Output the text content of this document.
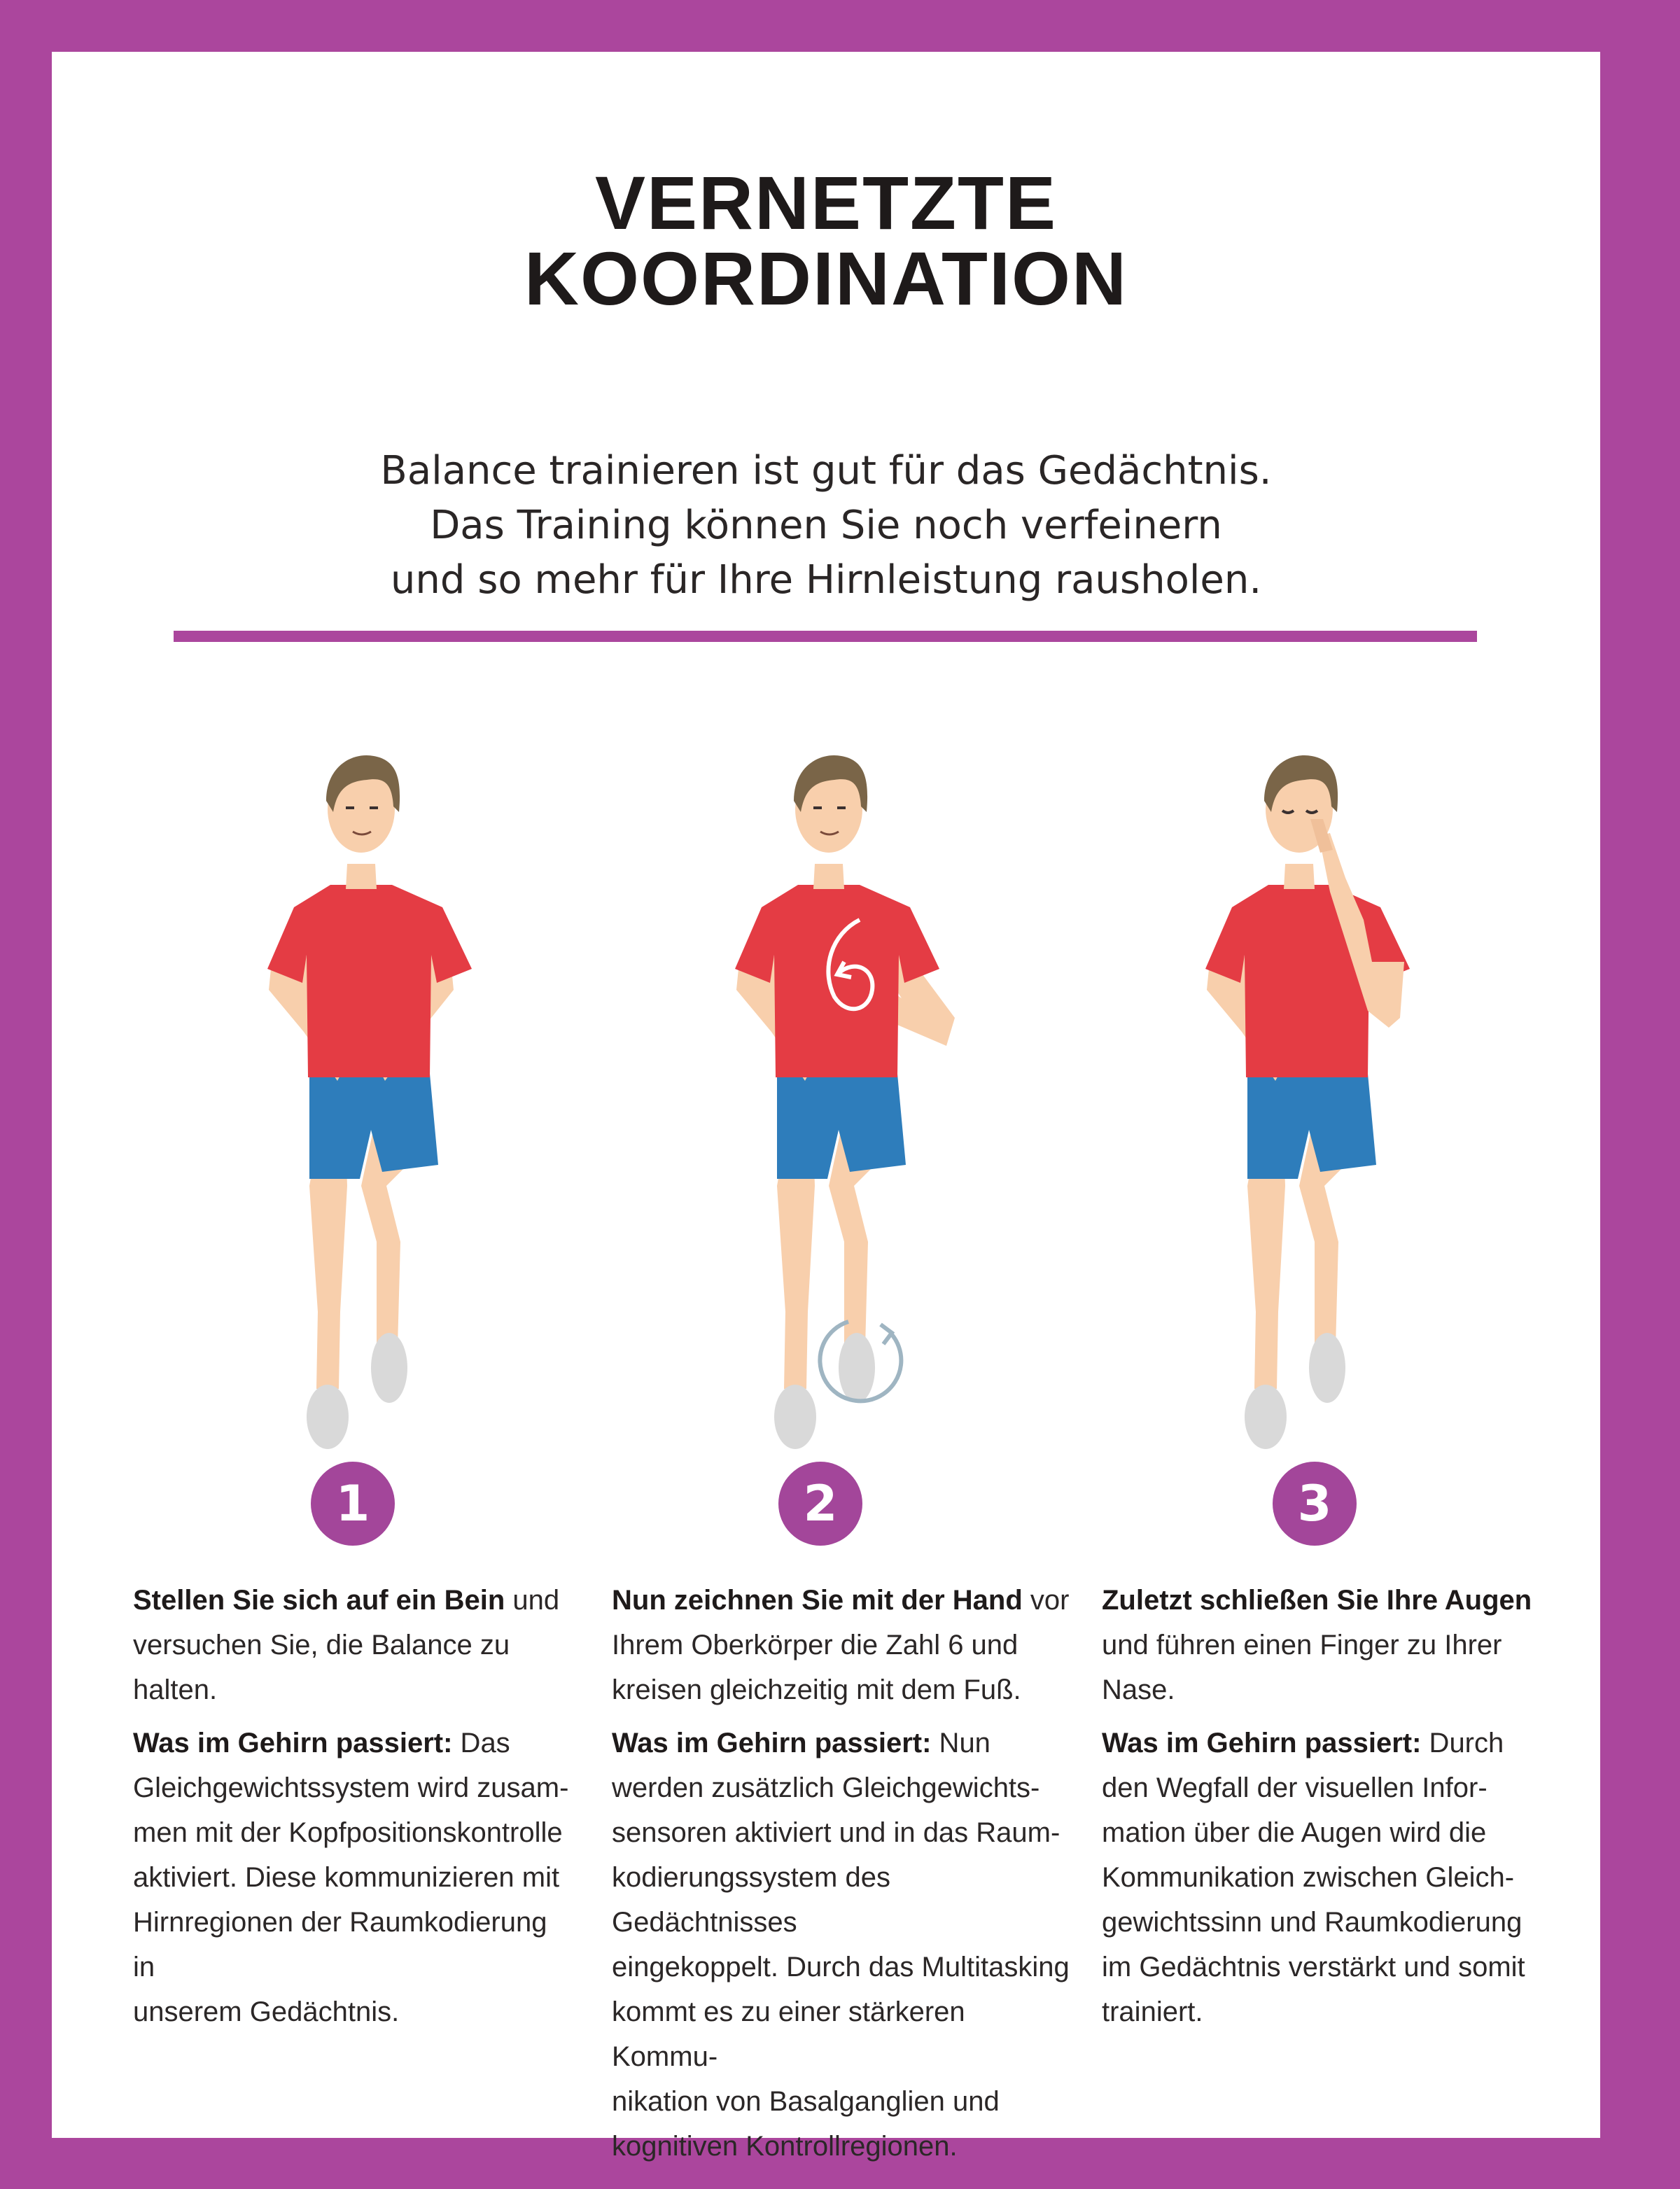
VERNETZTE
KOORDINATION
Balance trainieren ist gut für das Gedächtnis.
Das Training können Sie noch verfeinern
und so mehr für Ihre Hirnleistung rausholen.
1	2	3

Stellen Sie sich auf ein Bein und
versuchen Sie, die Balance zu
halten.

Was im Gehirn passiert: Das
Gleichgewichtssystem wird zusam-
men mit der Kopfpositionskontrolle
aktiviert. Diese kommunizieren mit
Hirnregionen der Raumkodierung in
unserem Gedächtnis.

Nun zeichnen Sie mit der Hand vor
Ihrem Oberkörper die Zahl 6 und
kreisen gleichzeitig mit dem Fuß.

Was im Gehirn passiert: Nun
werden zusätzlich Gleichgewichts-
sensoren aktiviert und in das Raum-
kodierungssystem des Gedächtnisses
eingekoppelt. Durch das Multitasking
kommt es zu einer stärkeren Kommu-
nikation von Basalganglien und
kognitiven Kontrollregionen.

Zuletzt schließen Sie Ihre Augen
und führen einen Finger zu Ihrer
Nase.

Was im Gehirn passiert: Durch
den Wegfall der visuellen Infor-
mation über die Augen wird die
Kommunikation zwischen Gleich-
gewichtssinn und Raumkodierung
im Gedächtnis verstärkt und somit
trainiert.
